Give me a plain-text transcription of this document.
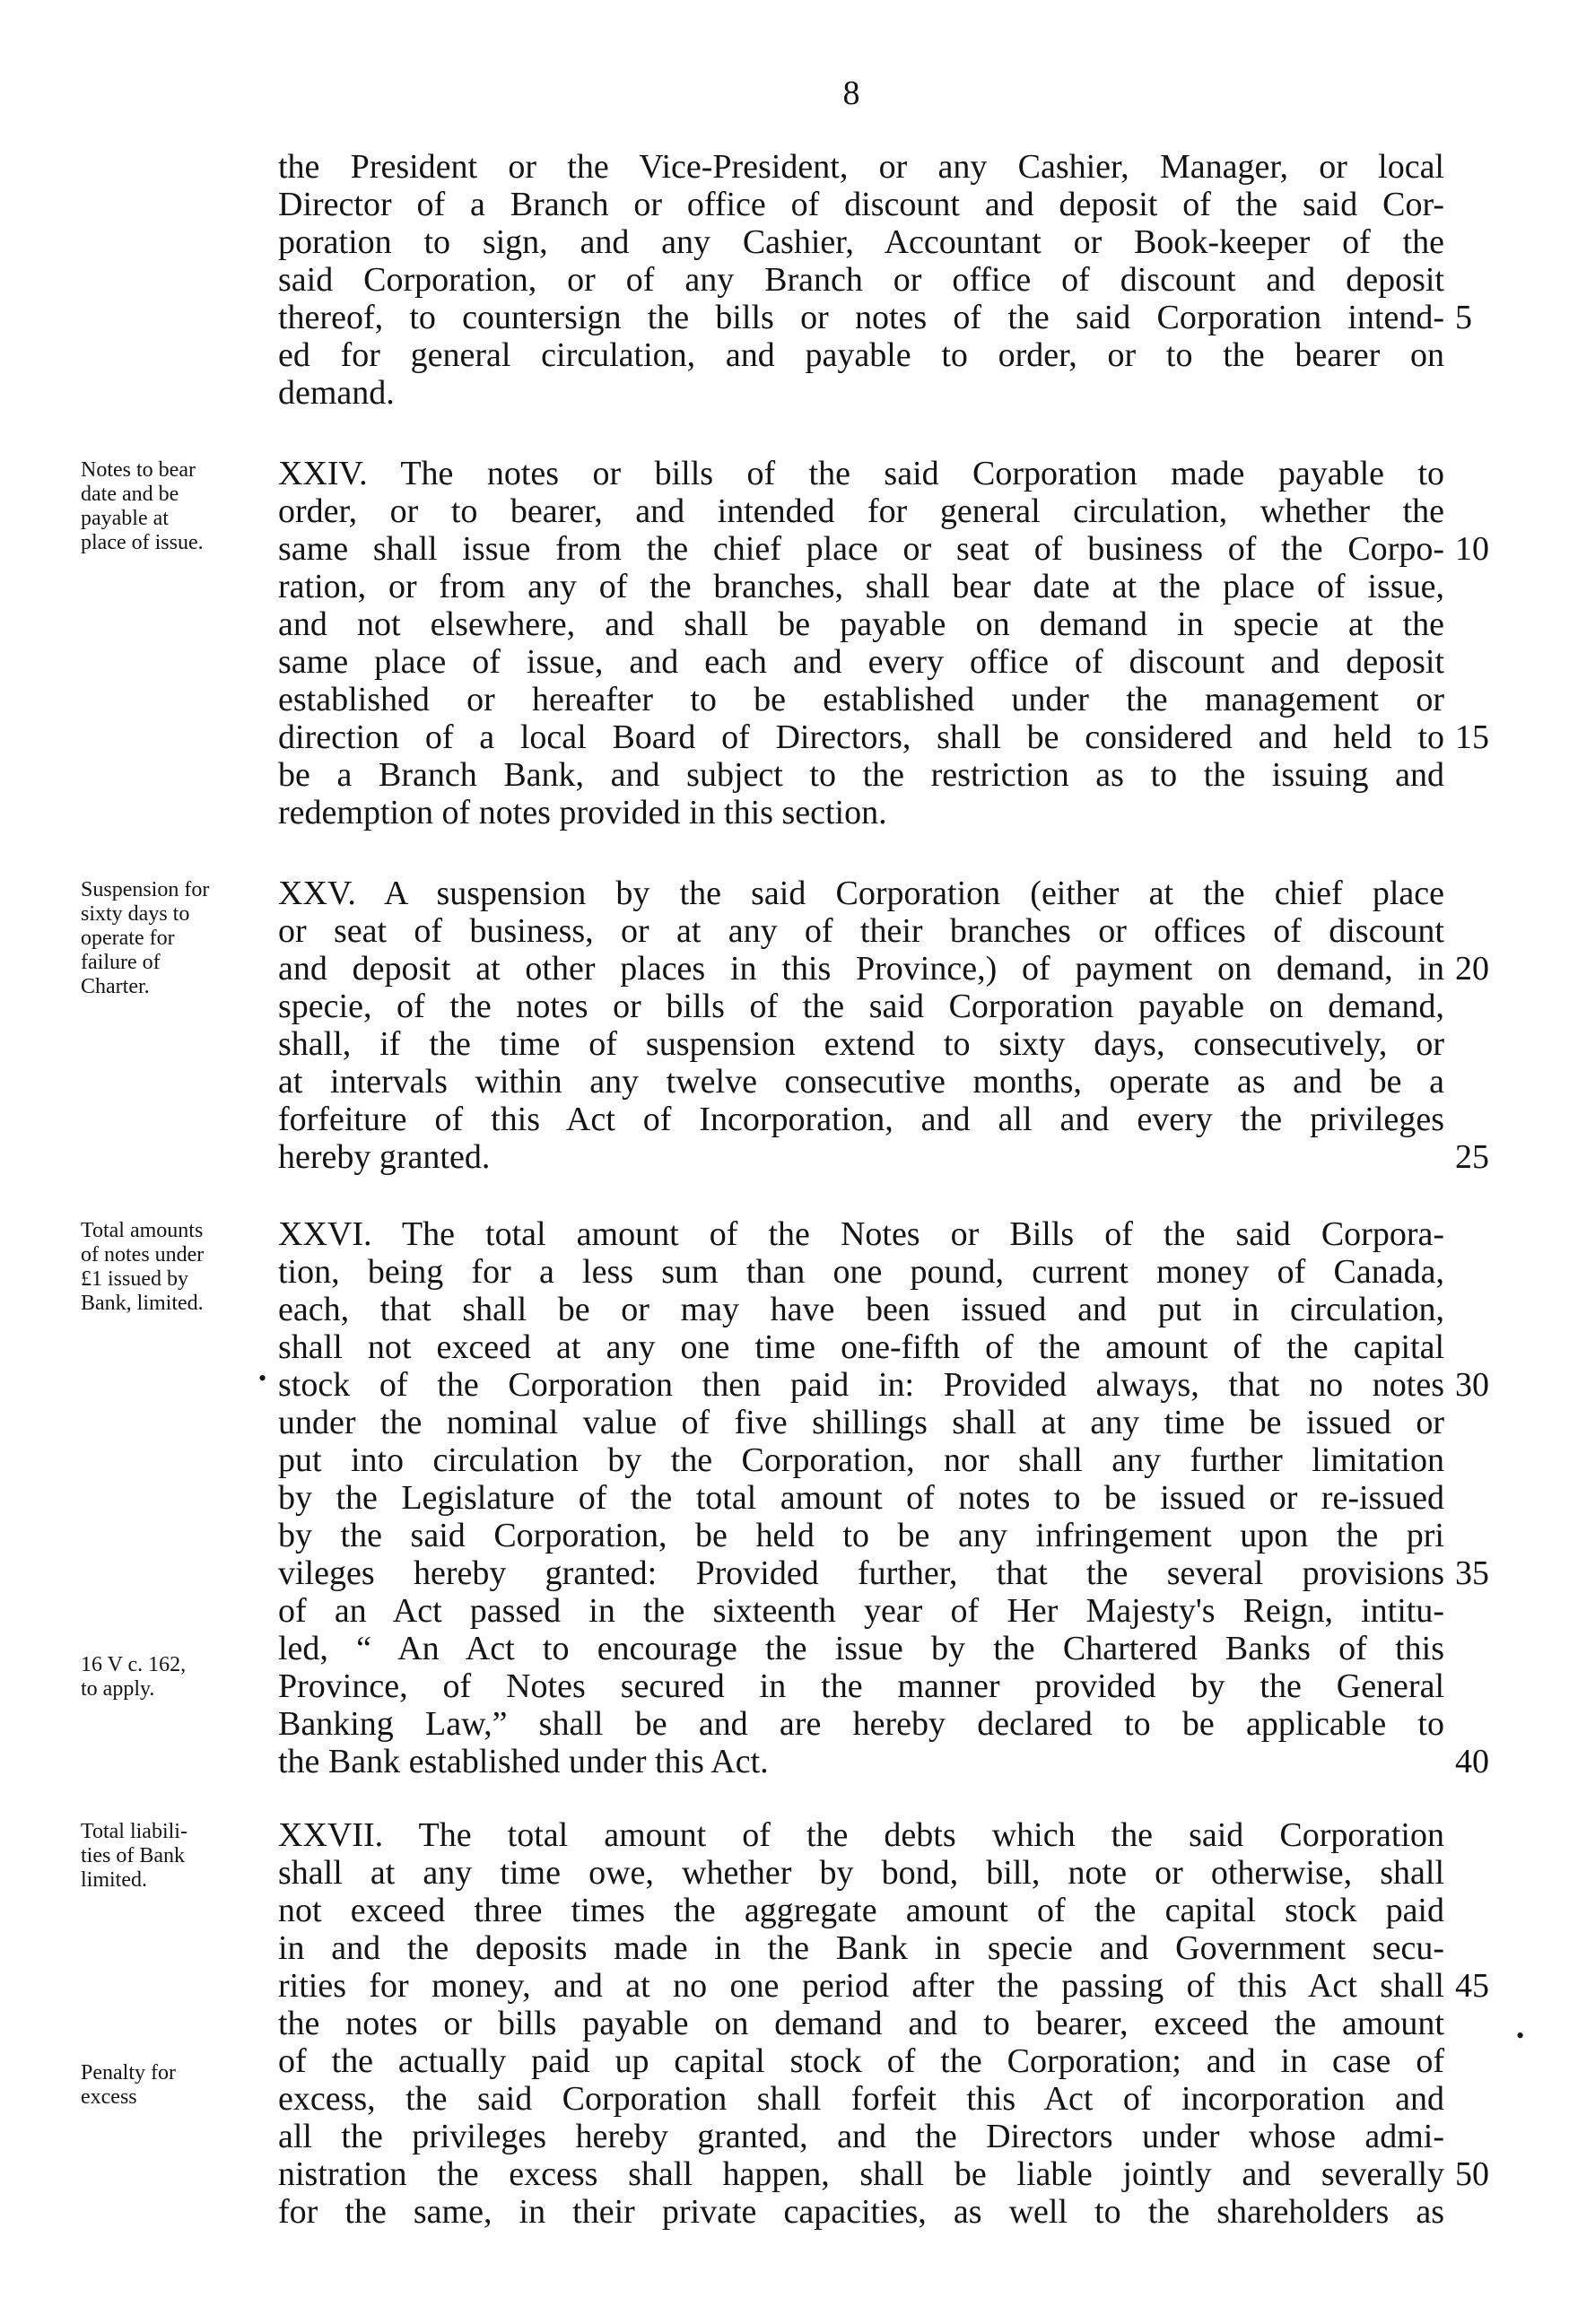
8
the President or the Vice-President, or any Cashier, Manager, or local
Director of a Branch or office of discount and deposit of the said Cor-
poration to sign, and any Cashier, Accountant or Book-keeper of the
said Corporation, or of any Branch or office of discount and deposit
thereof, to countersign the bills or notes of the said Corporation intend- 5
ed for general circulation, and payable to order, or to the bearer on
demand.
Notes to bear
date and be
payable at
place of issue.
XXIV. The notes or bills of the said Corporation made payable to
order, or to bearer, and intended for general circulation, whether the
same shall issue from the chief place or seat of business of the Corpo- 10
ration, or from any of the branches, shall bear date at the place of issue,
and not elsewhere, and shall be payable on demand in specie at the
same place of issue, and each and every office of discount and deposit
established or hereafter to be established under the management or
direction of a local Board of Directors, shall be considered and held to 15
be a Branch Bank, and subject to the restriction as to the issuing and
redemption of notes provided in this section.
Suspension for
sixty days to
operate for
failure of
Charter.
XXV. A suspension by the said Corporation (either at the chief place
or seat of business, or at any of their branches or offices of discount
and deposit at other places in this Province,) of payment on demand, in 20
specie, of the notes or bills of the said Corporation payable on demand,
shall, if the time of suspension extend to sixty days, consecutively, or
at intervals within any twelve consecutive months, operate as and be a
forfeiture of this Act of Incorporation, and all and every the privileges
hereby granted.	25
Total amounts
of notes under
£1 issued by
Bank, limited.
XXVI. The total amount of the Notes or Bills of the said Corpora-
tion, being for a less sum than one pound, current money of Canada,
each, that shall be or may have been issued and put in circulation,
shall not exceed at any one time one-fifth of the amount of the capital
stock of the Corporation then paid in: Provided always, that no notes 30
under the nominal value of five shillings shall at any time be issued or
put into circulation by the Corporation, nor shall any further limitation
by the Legislature of the total amount of notes to be issued or re-issued
by the said Corporation, be held to be any infringement upon the pri
vileges hereby granted: Provided further, that the several provisions 35
of an Act passed in the sixteenth year of Her Majesty's Reign, intitu-
led, “ An Act to encourage the issue by the Chartered Banks of this
Province, of Notes secured in the manner provided by the General
Banking Law,” shall be and are hereby declared to be applicable to
the Bank established under this Act.	40
Total liabili-
ties of Bank
limited.
XXVII. The total amount of the debts which the said Corporation
shall at any time owe, whether by bond, bill, note or otherwise, shall
not exceed three times the aggregate amount of the capital stock paid
in and the deposits made in the Bank in specie and Government secu-
rities for money, and at no one period after the passing of this Act shall 45
the notes or bills payable on demand and to bearer, exceed the amount
of the actually paid up capital stock of the Corporation; and in case of
excess, the said Corporation shall forfeit this Act of incorporation and
all the privileges hereby granted, and the Directors under whose admi-
nistration the excess shall happen, shall be liable jointly and severally 50
for the same, in their private capacities, as well to the shareholders as
16 V c. 162,
to apply.
Penalty for
excess
•
•
